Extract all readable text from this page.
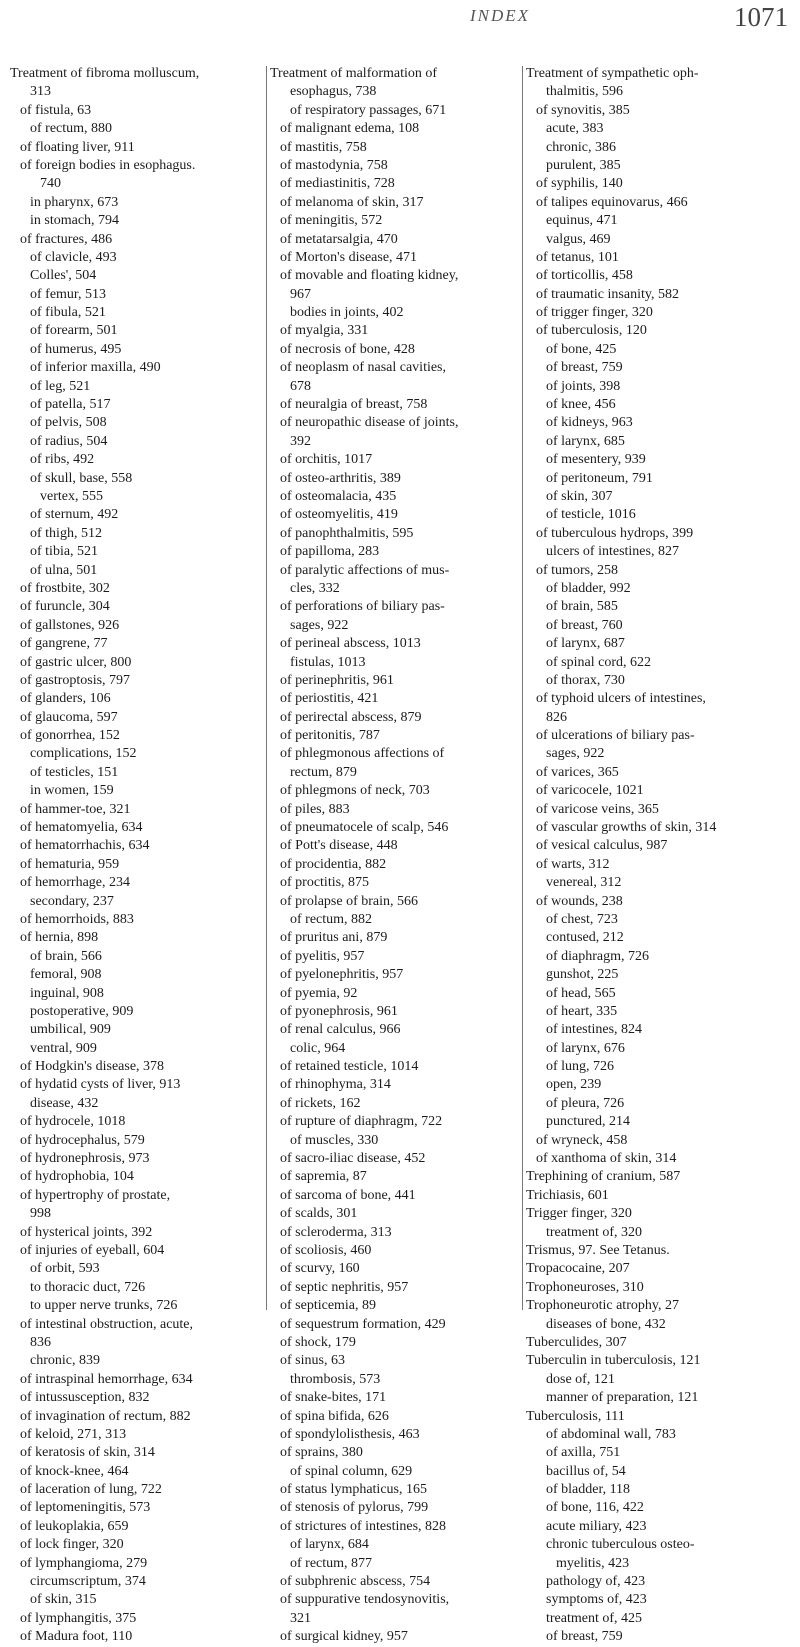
INDEX	1071
Treatment of fibroma molluscum,
313
of fistula, 63
of rectum, 880
of floating liver, 911
of foreign bodies in esophagus.
740
in pharynx, 673
in stomach, 794
of fractures, 486
of clavicle, 493
Colles', 504
of femur, 513
of fibula, 521
of forearm, 501
of humerus, 495
of inferior maxilla, 490
of leg, 521
of patella, 517
of pelvis, 508
of radius, 504
of ribs, 492
of skull, base, 558
vertex, 555
of sternum, 492
of thigh, 512
of tibia, 521
of ulna, 501
of frostbite, 302
of furuncle, 304
of gallstones, 926
of gangrene, 77
of gastric ulcer, 800
of gastroptosis, 797
of glanders, 106
of glaucoma, 597
of gonorrhea, 152
complications, 152
of testicles, 151
in women, 159
of hammer-toe, 321
of hematomyelia, 634
of hematorrhachis, 634
of hematuria, 959
of hemorrhage, 234
secondary, 237
of hemorrhoids, 883
of hernia, 898
of brain, 566
femoral, 908
inguinal, 908
postoperative, 909
umbilical, 909
ventral, 909
of Hodgkin's disease, 378
of hydatid cysts of liver, 913
disease, 432
of hydrocele, 1018
of hydrocephalus, 579
of hydronephrosis, 973
of hydrophobia, 104
of hypertrophy of prostate,
998
of hysterical joints, 392
of injuries of eyeball, 604
of orbit, 593
to thoracic duct, 726
to upper nerve trunks, 726
of intestinal obstruction, acute,
836
chronic, 839
of intraspinal hemorrhage, 634
of intussusception, 832
of invagination of rectum, 882
of keloid, 271, 313
of keratosis of skin, 314
of knock-knee, 464
of laceration of lung, 722
of leptomeningitis, 573
of leukoplakia, 659
of lock finger, 320
of lymphangioma, 279
circumscriptum, 374
of skin, 315
of lymphangitis, 375
of Madura foot, 110
Treatment of malformation of
esophagus, 738
of respiratory passages, 671
of malignant edema, 108
of mastitis, 758
of mastodynia, 758
of mediastinitis, 728
of melanoma of skin, 317
of meningitis, 572
of metatarsalgia, 470
of Morton's disease, 471
of movable and floating kidney,
967
bodies in joints, 402
of myalgia, 331
of necrosis of bone, 428
of neoplasm of nasal cavities,
678
of neuralgia of breast, 758
of neuropathic disease of joints,
392
of orchitis, 1017
of osteo-arthritis, 389
of osteomalacia, 435
of osteomyelitis, 419
of panophthalmitis, 595
of papilloma, 283
of paralytic affections of mus-
cles, 332
of perforations of biliary pas-
sages, 922
of perineal abscess, 1013
fistulas, 1013
of perinephritis, 961
of periostitis, 421
of perirectal abscess, 879
of peritonitis, 787
of phlegmonous affections of
rectum, 879
of phlegmons of neck, 703
of piles, 883
of pneumatocele of scalp, 546
of Pott's disease, 448
of procidentia, 882
of proctitis, 875
of prolapse of brain, 566
of rectum, 882
of pruritus ani, 879
of pyelitis, 957
of pyelonephritis, 957
of pyemia, 92
of pyonephrosis, 961
of renal calculus, 966
colic, 964
of retained testicle, 1014
of rhinophyma, 314
of rickets, 162
of rupture of diaphragm, 722
of muscles, 330
of sacro-iliac disease, 452
of sapremia, 87
of sarcoma of bone, 441
of scalds, 301
of scleroderma, 313
of scoliosis, 460
of scurvy, 160
of septic nephritis, 957
of septicemia, 89
of sequestrum formation, 429
of shock, 179
of sinus, 63
thrombosis, 573
of snake-bites, 171
of spina bifida, 626
of spondylolisthesis, 463
of sprains, 380
of spinal column, 629
of status lymphaticus, 165
of stenosis of pylorus, 799
of strictures of intestines, 828
of larynx, 684
of rectum, 877
of subphrenic abscess, 754
of suppurative tendosynovitis,
321
of surgical kidney, 957
Treatment of sympathetic oph-
thalmitis, 596
of synovitis, 385
acute, 383
chronic, 386
purulent, 385
of syphilis, 140
of talipes equinovarus, 466
equinus, 471
valgus, 469
of tetanus, 101
of torticollis, 458
of traumatic insanity, 582
of trigger finger, 320
of tuberculosis, 120
of bone, 425
of breast, 759
of joints, 398
of knee, 456
of kidneys, 963
of larynx, 685
of mesentery, 939
of peritoneum, 791
of skin, 307
of testicle, 1016
of tuberculous hydrops, 399
ulcers of intestines, 827
of tumors, 258
of bladder, 992
of brain, 585
of breast, 760
of larynx, 687
of spinal cord, 622
of thorax, 730
of typhoid ulcers of intestines,
826
of ulcerations of biliary pas-
sages, 922
of varices, 365
of varicocele, 1021
of varicose veins, 365
of vascular growths of skin, 314
of vesical calculus, 987
of warts, 312
venereal, 312
of wounds, 238
of chest, 723
contused, 212
of diaphragm, 726
gunshot, 225
of head, 565
of heart, 335
of intestines, 824
of larynx, 676
of lung, 726
open, 239
of pleura, 726
punctured, 214
of wryneck, 458
of xanthoma of skin, 314
Trephining of cranium, 587
Trichiasis, 601
Trigger finger, 320
treatment of, 320
Trismus, 97. See Tetanus.
Tropacocaine, 207
Trophoneuroses, 310
Trophoneurotic atrophy, 27
diseases of bone, 432
Tuberculides, 307
Tuberculin in tuberculosis, 121
dose of, 121
manner of preparation, 121
Tuberculosis, 111
of abdominal wall, 783
of axilla, 751
bacillus of, 54
of bladder, 118
of bone, 116, 422
acute miliary, 423
chronic tuberculous osteo-
myelitis, 423
pathology of, 423
symptoms of, 423
treatment of, 425
of breast, 759
